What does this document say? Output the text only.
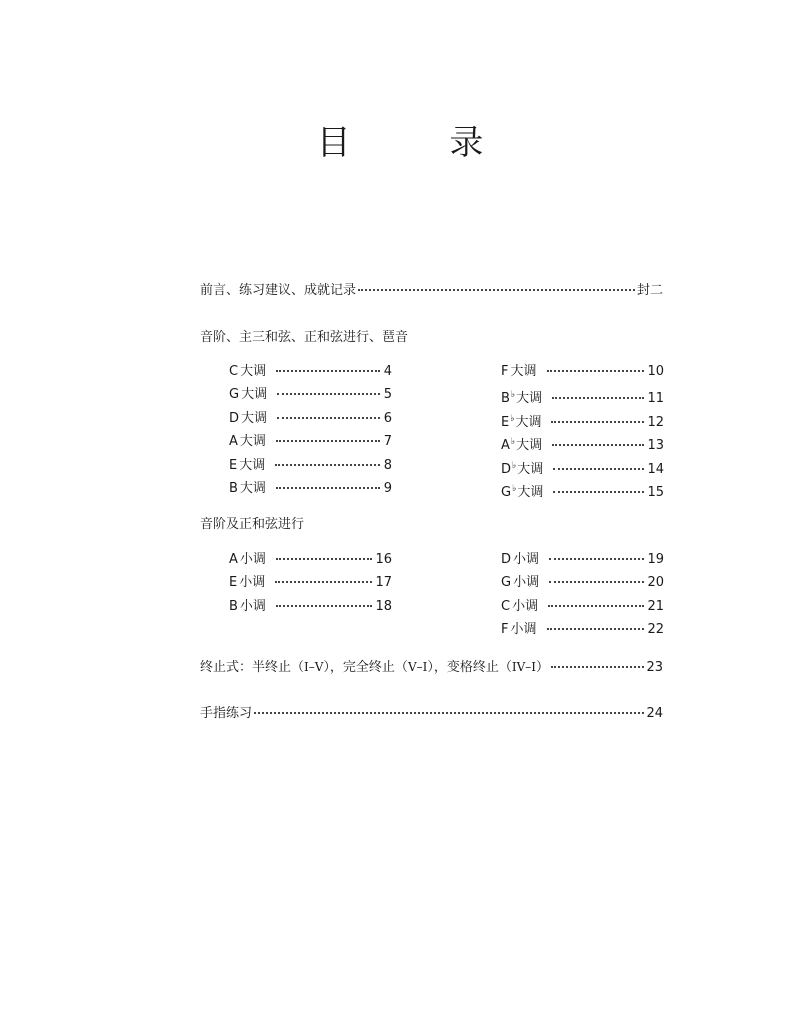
目 录
前言、练习建议、成就记录	封二
音阶、主三和弦、正和弦进行、琶音
C 大调	4
G 大调	5
D 大调	6
A 大调	7
E 大调	8
B 大调	9
F 大调	10
B♭大调	11
E♭大调	12
A♭大调	13
D♭大调	14
G♭大调	15
音阶及正和弦进行
A 小调	16
E 小调	17
B 小调	18
D 小调	19
G 小调	20
C 小调	21
F 小调	22
终止式：半终止（I–V），完全终止（V–I），变格终止（IV–I）	23
手指练习	24
